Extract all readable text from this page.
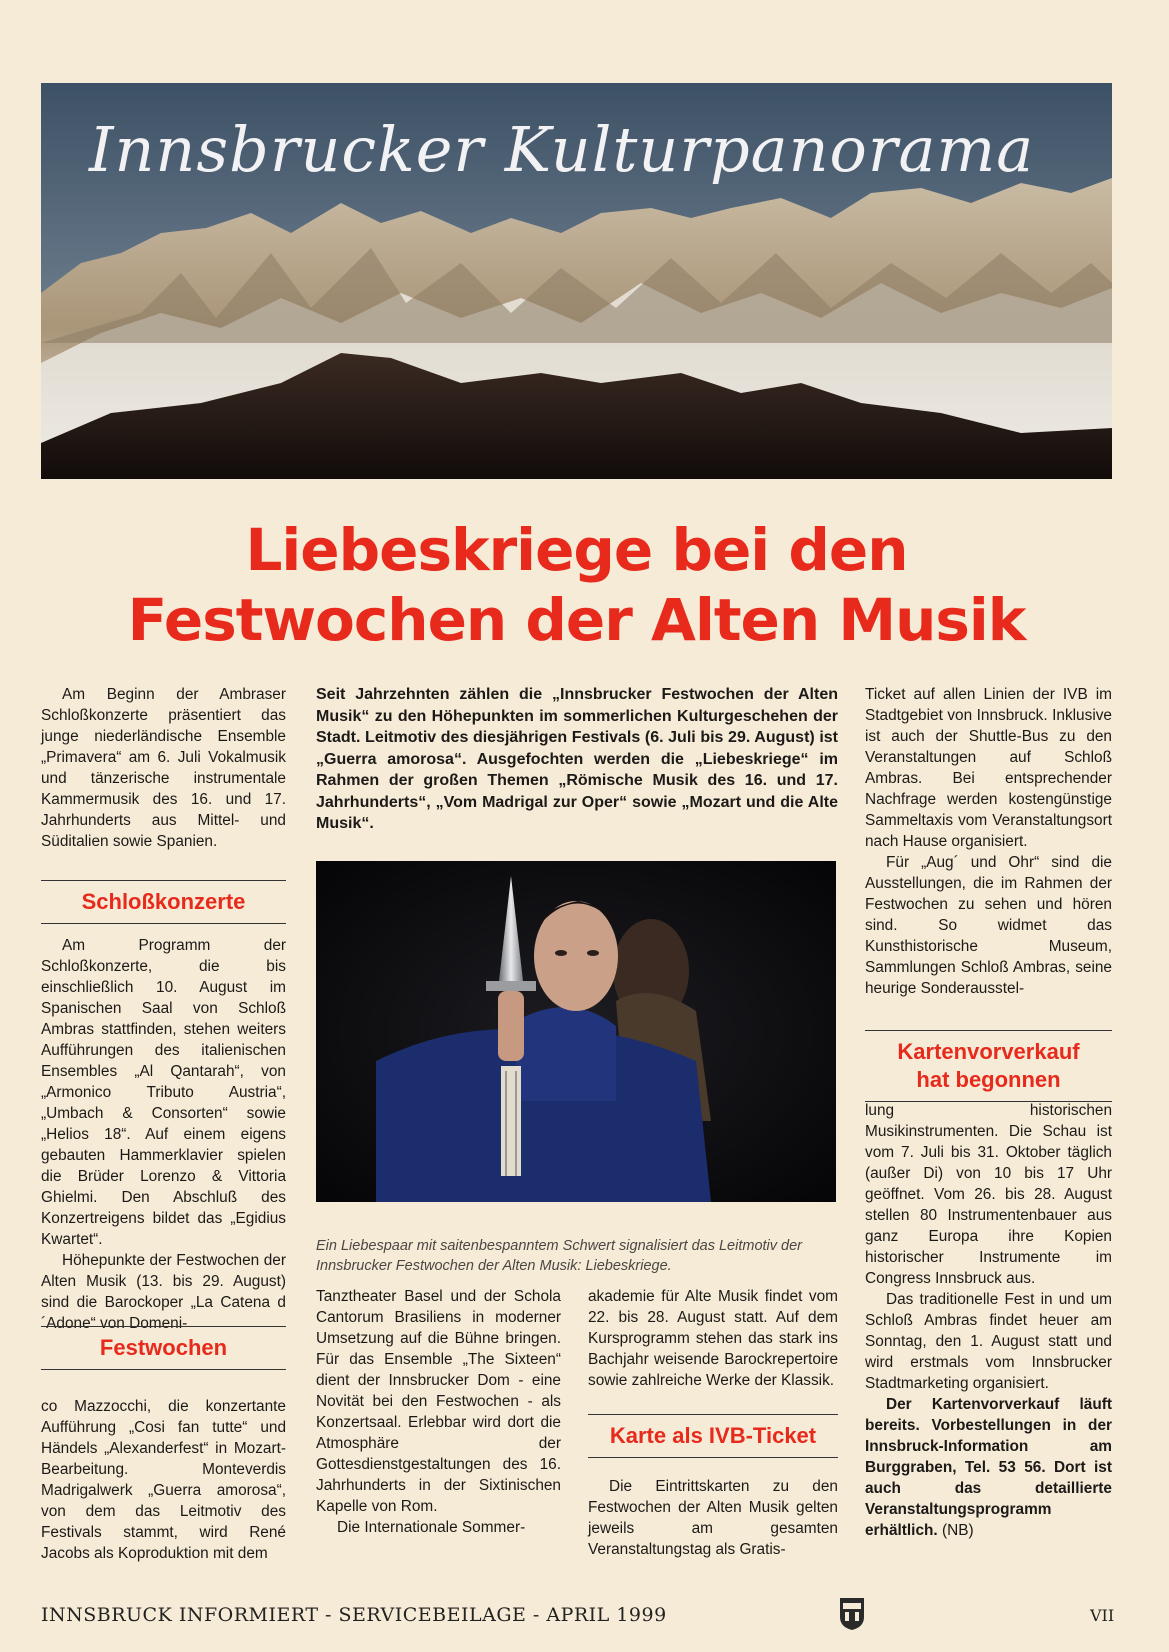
Innsbrucker Kulturpanorama
Liebeskriege bei den
Festwochen der Alten Musik

Am Beginn der Ambraser Schloßkonzerte präsentiert das junge niederländische Ensemble „Primavera“ am 6. Juli Vokalmusik und tänzerische instrumentale Kammermusik des 16. und 17. Jahrhunderts aus Mittel- und Süditalien sowie Spanien.

Schloßkonzerte

Am Programm der Schloßkonzerte, die bis einschließlich 10. August im Spanischen Saal von Schloß Ambras stattfinden, stehen weiters Aufführungen des italienischen Ensembles „Al Qantarah“, von „Armonico Tributo Austria“, „Umbach & Consorten“ sowie „Helios 18“. Auf einem eigens gebauten Hammerklavier spielen die Brüder Lorenzo & Vittoria Ghielmi. Den Abschluß des Konzertreigens bildet das „Egidius Kwartet“.

Höhepunkte der Festwochen der Alten Musik (13. bis 29. August) sind die Barockoper „La Catena d´Adone“ von Domeni-

Festwochen

co Mazzocchi, die konzertante Aufführung „Cosi fan tutte“ und Händels „Alexanderfest“ in Mozart-Bearbeitung. Monteverdis Madrigalwerk „Guerra amorosa“, von dem das Leitmotiv des Festivals stammt, wird René Jacobs als Koproduktion mit dem

Seit Jahrzehnten zählen die „Innsbrucker Festwochen der Alten Musik“ zu den Höhepunkten im sommerlichen Kulturgeschehen der Stadt. Leitmotiv des diesjährigen Festivals (6. Juli bis 29. August) ist „Guerra amorosa“. Ausgefochten werden die „Liebeskriege“ im Rahmen der großen Themen „Römische Musik des 16. und 17. Jahrhunderts“, „Vom Madrigal zur Oper“ sowie „Mozart und die Alte Musik“.
Ein Liebespaar mit saitenbespanntem Schwert signalisiert das Leitmotiv der Innsbrucker Festwochen der Alten Musik: Liebeskriege.

Tanztheater Basel und der Schola Cantorum Brasiliens in moderner Umsetzung auf die Bühne bringen. Für das Ensemble „The Sixteen“ dient der Innsbrucker Dom - eine Novität bei den Festwochen - als Konzertsaal. Erlebbar wird dort die Atmosphäre der Gottesdienstgestaltungen des 16. Jahrhunderts in der Sixtinischen Kapelle von Rom.

Die Internationale Sommer-

akademie für Alte Musik findet vom 22. bis 28. August statt. Auf dem Kursprogramm stehen das stark ins Bachjahr weisende Barockrepertoire sowie zahlreiche Werke der Klassik.

Karte als IVB-Ticket

Die Eintrittskarten zu den Festwochen der Alten Musik gelten jeweils am gesamten Veranstaltungstag als Gratis-

Ticket auf allen Linien der IVB im Stadtgebiet von Innsbruck. Inklusive ist auch der Shuttle-Bus zu den Veranstaltungen auf Schloß Ambras. Bei entsprechender Nachfrage werden kostengünstige Sammeltaxis vom Veranstaltungsort nach Hause organisiert.

Für „Aug´ und Ohr“ sind die Ausstellungen, die im Rahmen der Festwochen zu sehen und hören sind. So widmet das Kunsthistorische Museum, Sammlungen Schloß Ambras, seine heurige Sonderausstel-

Kartenvorverkauf
hat begonnen

lung historischen Musikinstrumenten. Die Schau ist vom 7. Juli bis 31. Oktober täglich (außer Di) von 10 bis 17 Uhr geöffnet. Vom 26. bis 28. August stellen 80 Instrumentenbauer aus ganz Europa ihre Kopien historischer Instrumente im Congress Innsbruck aus.

Das traditionelle Fest in und um Schloß Ambras findet heuer am Sonntag, den 1. August statt und wird erstmals vom Innsbrucker Stadtmarketing organisiert.

Der Kartenvorverkauf läuft bereits. Vorbestellungen in der Innsbruck-Information am Burggraben, Tel. 53 56. Dort ist auch das detaillierte Veranstaltungsprogramm erhältlich. (NB)

INNSBRUCK INFORMIERT - SERVICEBEILAGE - APRIL 1999	VII
